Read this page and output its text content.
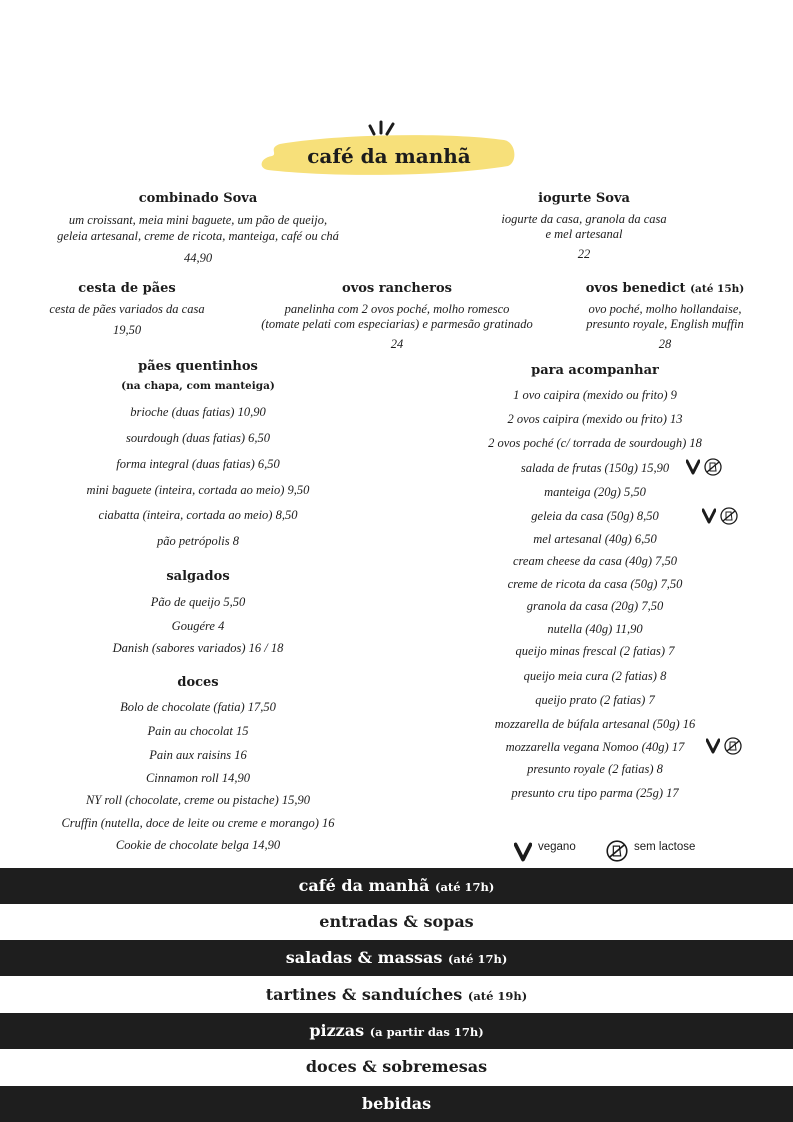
café da manhã
combinado Sova
um croissant, meia mini baguete, um pão de queijo,
geleia artesanal, creme de ricota, manteiga, café ou chá
44,90
iogurte Sova
iogurte da casa, granola da casa
e mel artesanal
22
cesta de pães
cesta de pães variados da casa
19,50
ovos rancheros
panelinha com 2 ovos poché, molho romesco
(tomate pelati com especiarias) e parmesão gratinado
24
ovos benedict (até 15h)
ovo poché, molho hollandaise,
presunto royale, English muffin
28
pães quentinhos
(na chapa, com manteiga)
brioche (duas fatias) 10,90
sourdough (duas fatias) 6,50
forma integral (duas fatias) 6,50
mini baguete (inteira, cortada ao meio) 9,50
ciabatta (inteira, cortada ao meio) 8,50
pão petrópolis 8
salgados
Pão de queijo 5,50
Gougére 4
Danish (sabores variados) 16 / 18
doces
Bolo de chocolate (fatia) 17,50
Pain au chocolat 15
Pain aux raisins 16
Cinnamon roll 14,90
NY roll (chocolate, creme ou pistache) 15,90
Cruffin (nutella, doce de leite ou creme e morango) 16
Cookie de chocolate belga 14,90
para acompanhar
1 ovo caipira (mexido ou frito) 9
2 ovos caipira (mexido ou frito) 13
2 ovos poché (c/ torrada de sourdough) 18
salada de frutas (150g) 15,90
manteiga (20g) 5,50
geleia da casa (50g) 8,50
mel artesanal (40g) 6,50
cream cheese da casa (40g) 7,50
creme de ricota da casa (50g) 7,50
granola da casa (20g) 7,50
nutella (40g) 11,90
queijo minas frescal (2 fatias) 7
queijo meia cura (2 fatias) 8
queijo prato (2 fatias) 7
mozzarella de búfala artesanal (50g) 16
mozzarella vegana Nomoo (40g) 17
presunto royale (2 fatias) 8
presunto cru tipo parma (25g) 17

vegano	sem lactose
café da manhã (até 17h)
entradas & sopas
saladas & massas (até 17h)
tartines & sanduíches (até 19h)
pizzas (a partir das 17h)
doces & sobremesas
bebidas
